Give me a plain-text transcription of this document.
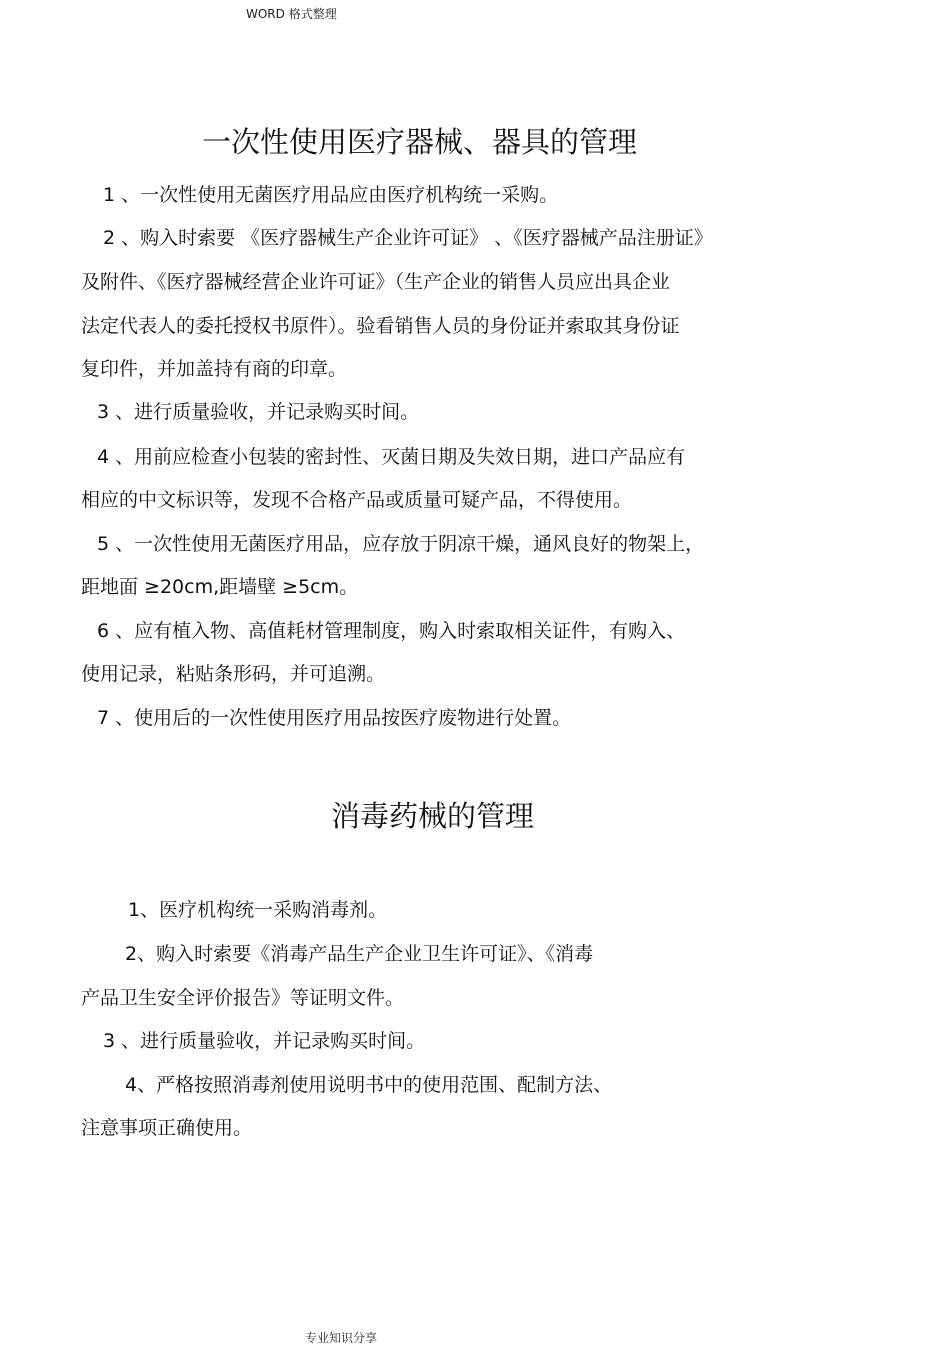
WORD 格式整理
一次性使用医疗器械、器具的管理
1 、一次性使用无菌医疗用品应由医疗机构统一采购。
2 、购入时索要 《医疗器械生产企业许可证》 、《医疗器械产品注册证》
及附件、《医疗器械经营企业许可证》（生产企业的销售人员应出具企业
法定代表人的委托授权书原件）。验看销售人员的身份证并索取其身份证
复印件，并加盖持有商的印章。
3 、进行质量验收，并记录购买时间。
4 、用前应检查小包装的密封性、灭菌日期及失效日期，进口产品应有
相应的中文标识等，发现不合格产品或质量可疑产品，不得使用。
5 、一次性使用无菌医疗用品，应存放于阴凉干燥，通风良好的物架上，
距地面 ≥20cm,距墙壁 ≥5cm。
6 、应有植入物、高值耗材管理制度，购入时索取相关证件，有购入、
使用记录，粘贴条形码，并可追溯。
7 、使用后的一次性使用医疗用品按医疗废物进行处置。
消毒药械的管理
1、医疗机构统一采购消毒剂。
2、购入时索要《消毒产品生产企业卫生许可证》、《消毒
产品卫生安全评价报告》等证明文件。
3 、进行质量验收，并记录购买时间。
4、严格按照消毒剂使用说明书中的使用范围、配制方法、
注意事项正确使用。
专业知识分享
